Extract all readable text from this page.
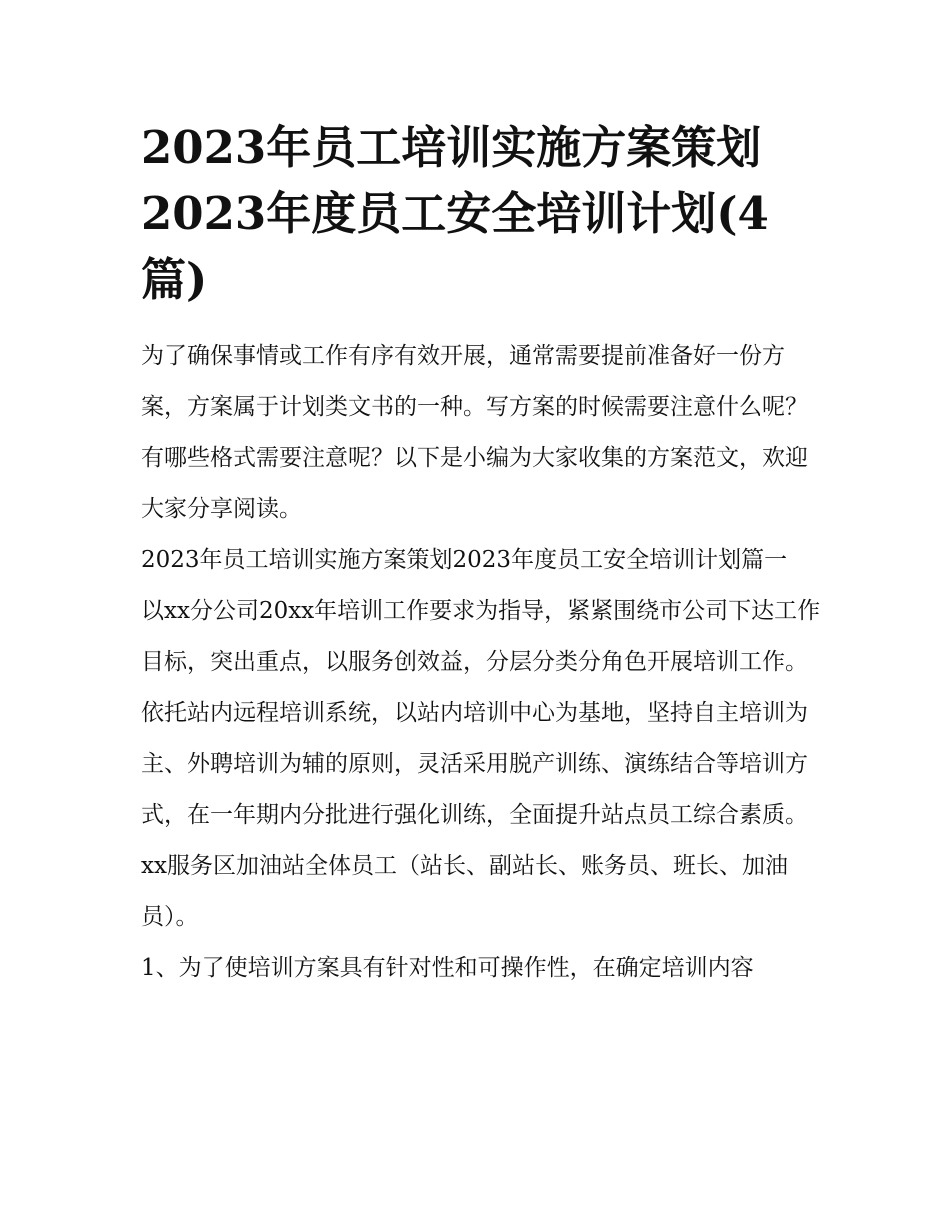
2023年员工培训实施方案策划2023年度员工安全培训计划(4篇)

为了确保事情或工作有序有效开展，通常需要提前准备好一份方案，方案属于计划类文书的一种。写方案的时候需要注意什么呢？有哪些格式需要注意呢？以下是小编为大家收集的方案范文，欢迎大家分享阅读。

2023年员工培训实施方案策划2023年度员工安全培训计划篇一

以xx分公司20xx年培训工作要求为指导，紧紧围绕市公司下达工作目标，突出重点，以服务创效益，分层分类分角色开展培训工作。依托站内远程培训系统，以站内培训中心为基地，坚持自主培训为主、外聘培训为辅的原则，灵活采用脱产训练、演练结合等培训方式，在一年期内分批进行强化训练，全面提升站点员工综合素质。

xx服务区加油站全体员工（站长、副站长、账务员、班长、加油员）。

1、为了使培训方案具有针对性和可操作性，在确定培训内容
